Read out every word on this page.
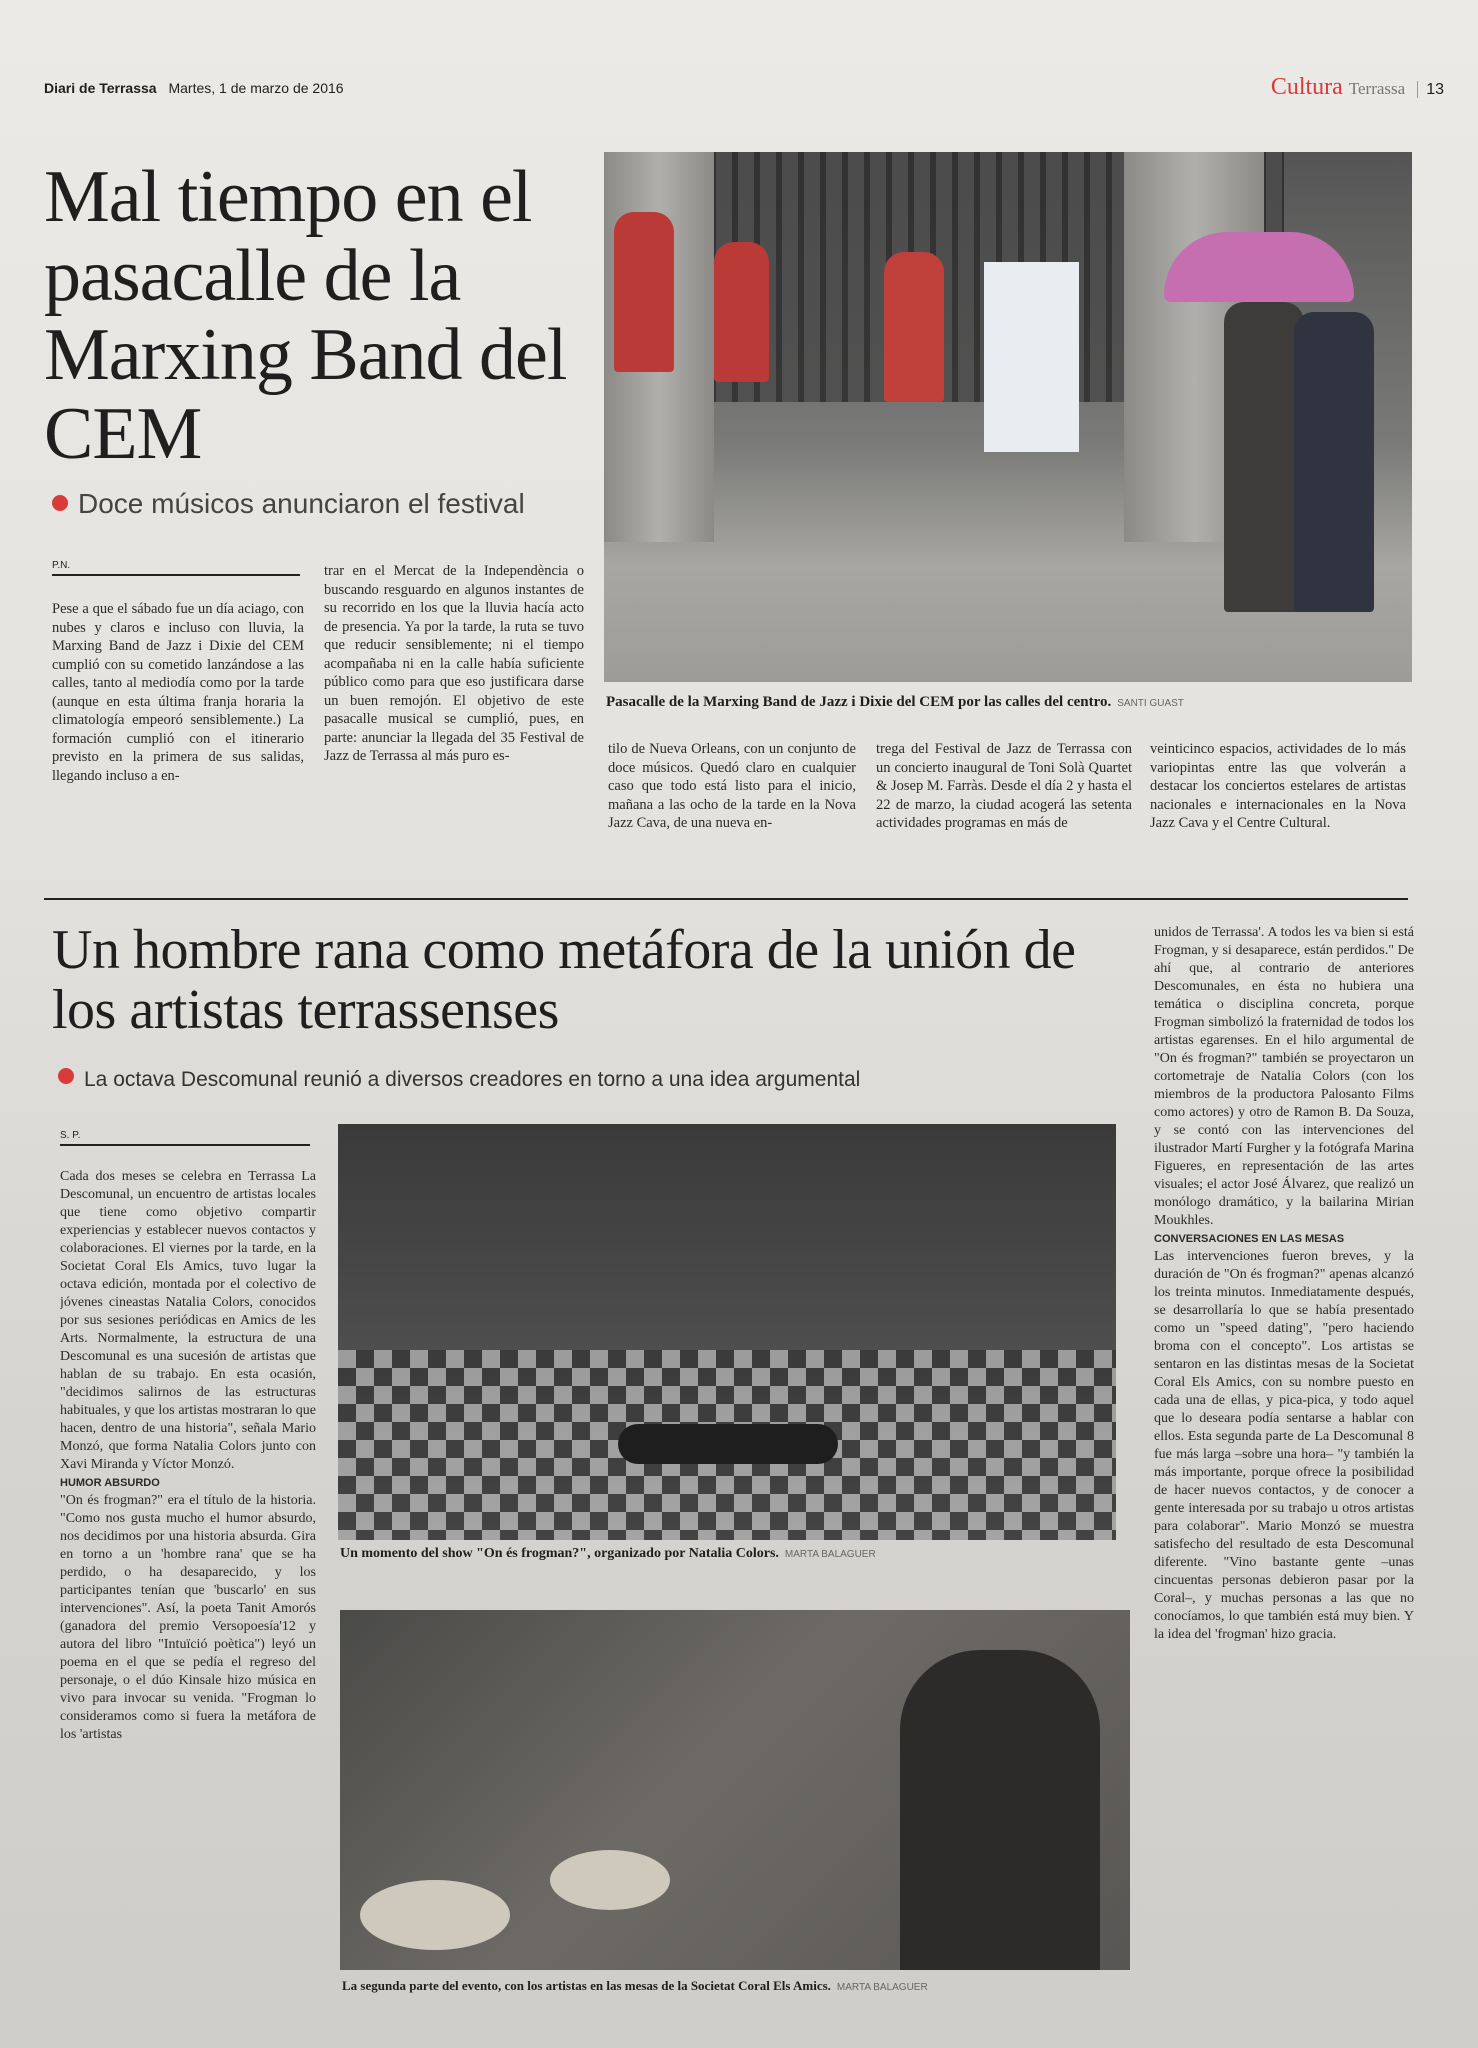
Diari de Terrassa Martes, 1 de marzo de 2016	Cultura Terrassa 13
Mal tiempo en el pasacalle de la Marxing Band del CEM
Doce músicos anunciaron el festival
Pasacalle de la Marxing Band de Jazz i Dixie del CEM por las calles del centro. SANTI GUAST
P.N.

Pese a que el sábado fue un día aciago, con nubes y claros e incluso con lluvia, la Marxing Band de Jazz i Dixie del CEM cumplió con su cometido lanzándose a las calles, tanto al mediodía como por la tarde (aunque en esta última franja horaria la climatología empeoró sensiblemente.) La formación cumplió con el itinerario previsto en la primera de sus salidas, llegando incluso a en-

trar en el Mercat de la Independència o buscando resguardo en algunos instantes de su recorrido en los que la lluvia hacía acto de presencia. Ya por la tarde, la ruta se tuvo que reducir sensiblemente; ni el tiempo acompañaba ni en la calle había suficiente público como para que eso justificara darse un buen remojón. El objetivo de este pasacalle musical se cumplió, pues, en parte: anunciar la llegada del 35 Festival de Jazz de Terrassa al más puro es-	tilo de Nueva Orleans, con un conjunto de doce músicos. Quedó claro en cualquier caso que todo está listo para el inicio, mañana a las ocho de la tarde en la Nova Jazz Cava, de una nueva en-

trega del Festival de Jazz de Terrassa con un concierto inaugural de Toni Solà Quartet & Josep M. Farràs. Desde el día 2 y hasta el 22 de marzo, la ciudad acogerá las setenta actividades programas en más de

veinticinco espacios, actividades de lo más variopintas entre las que volverán a destacar los conciertos estelares de artistas nacionales e internacionales en la Nova Jazz Cava y el Centre Cultural.

Un hombre rana como metáfora de la unión de los artistas terrassenses
La octava Descomunal reunió a diversos creadores en torno a una idea argumental
S. P.

Cada dos meses se celebra en Terrassa La Descomunal, un encuentro de artistas locales que tiene como objetivo compartir experiencias y establecer nuevos contactos y colaboraciones. El viernes por la tarde, en la Societat Coral Els Amics, tuvo lugar la octava edición, montada por el colectivo de jóvenes cineastas Natalia Colors, conocidos por sus sesiones periódicas en Amics de les Arts. Normalmente, la estructura de una Descomunal es una sucesión de artistas que hablan de su trabajo. En esta ocasión, "decidimos salirnos de las estructuras habituales, y que los artistas mostraran lo que hacen, dentro de una historia", señala Mario Monzó, que forma Natalia Colors junto con Xavi Miranda y Víctor Monzó.

HUMOR ABSURDO

"On és frogman?" era el título de la historia. "Como nos gusta mucho el humor absurdo, nos decidimos por una historia absurda. Gira en torno a un 'hombre rana' que se ha perdido, o ha desaparecido, y los participantes tenían que 'buscarlo' en sus intervenciones". Así, la poeta Tanit Amorós (ganadora del premio Versopoesía'12 y autora del libro "Intuïció poètica") leyó un poema en el que se pedía el regreso del personaje, o el dúo Kinsale hizo música en vivo para invocar su venida. "Frogman lo consideramos como si fuera la metáfora de los 'artistas

Un momento del show "On és frogman?", organizado por Natalia Colors. MARTA BALAGUER
La segunda parte del evento, con los artistas en las mesas de la Societat Coral Els Amics. MARTA BALAGUER

unidos de Terrassa'. A todos les va bien si está Frogman, y si desaparece, están perdidos." De ahí que, al contrario de anteriores Descomunales, en ésta no hubiera una temática o disciplina concreta, porque Frogman simbolizó la fraternidad de todos los artistas egarenses. En el hilo argumental de "On és frogman?" también se proyectaron un cortometraje de Natalia Colors (con los miembros de la productora Palosanto Films como actores) y otro de Ramon B. Da Souza, y se contó con las intervenciones del ilustrador Martí Furgher y la fotógrafa Marina Figueres, en representación de las artes visuales; el actor José Álvarez, que realizó un monólogo dramático, y la bailarina Mirian Moukhles.

CONVERSACIONES EN LAS MESAS

Las intervenciones fueron breves, y la duración de "On és frogman?" apenas alcanzó los treinta minutos. Inmediatamente después, se desarrollaría lo que se había presentado como un "speed dating", "pero haciendo broma con el concepto". Los artistas se sentaron en las distintas mesas de la Societat Coral Els Amics, con su nombre puesto en cada una de ellas, y pica-pica, y todo aquel que lo deseara podía sentarse a hablar con ellos. Esta segunda parte de La Descomunal 8 fue más larga –sobre una hora– "y también la más importante, porque ofrece la posibilidad de hacer nuevos contactos, y de conocer a gente interesada por su trabajo u otros artistas para colaborar". Mario Monzó se muestra satisfecho del resultado de esta Descomunal diferente. "Vino bastante gente –unas cincuentas personas debieron pasar por la Coral–, y muchas personas a las que no conocíamos, lo que también está muy bien. Y la idea del 'frogman' hizo gracia.
